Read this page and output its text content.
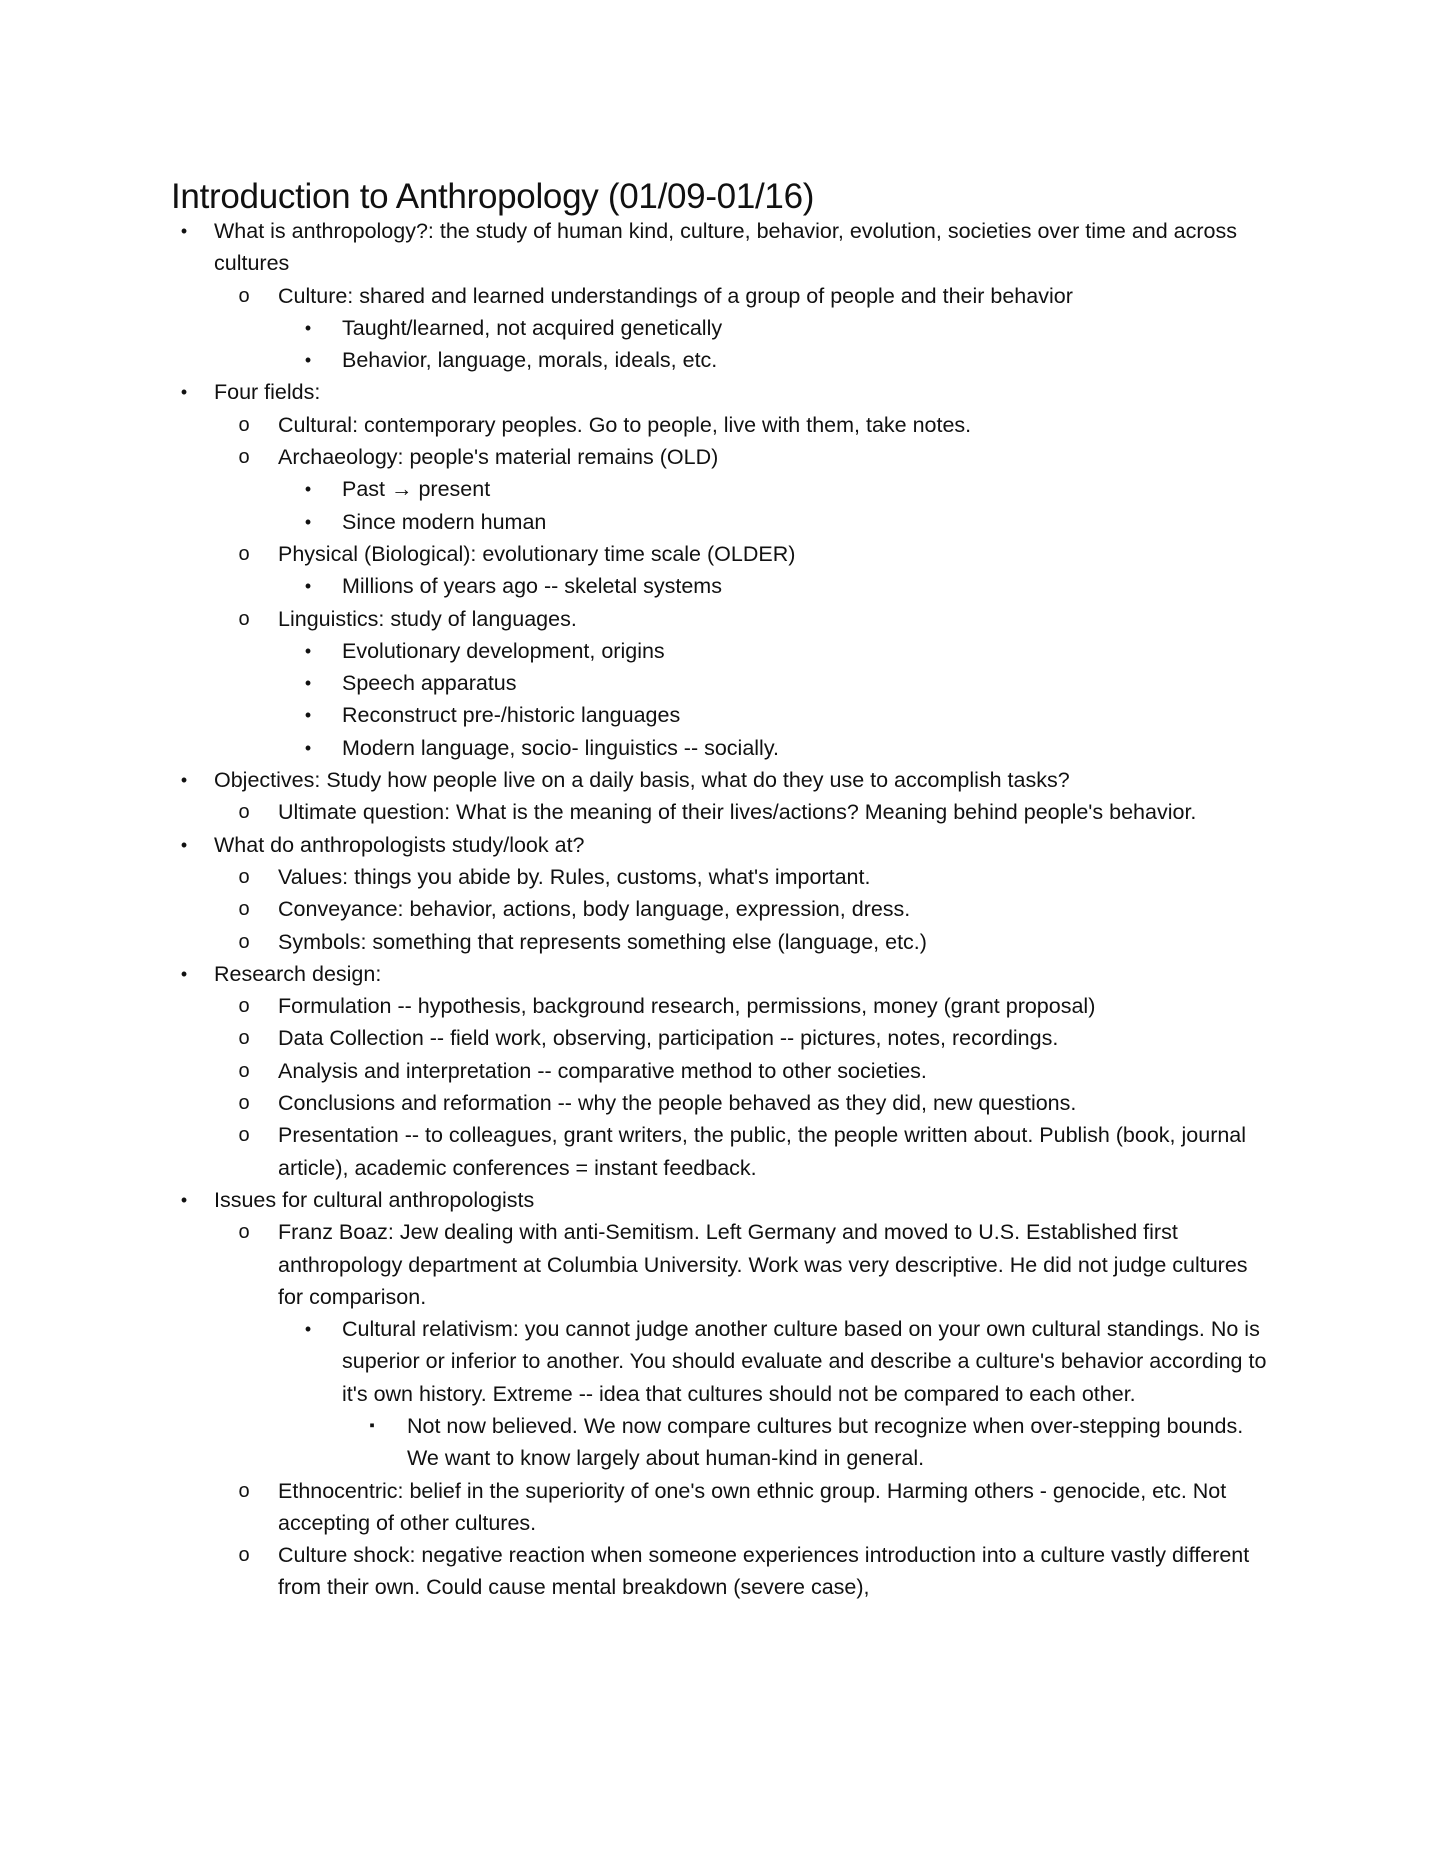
Introduction to Anthropology (01/09-01/16)
•	What is anthropology?: the study of human kind, culture, behavior, evolution, societies over time and across cultures
o Culture: shared and learned understandings of a group of people and their behavior
•	Taught/learned, not acquired genetically
•	Behavior, language, morals, ideals, etc.
•	Four fields:
o Cultural: contemporary peoples. Go to people, live with them, take notes.
o Archaeology: people's material remains (OLD)
•	Past → present
•	Since modern human
o Physical (Biological): evolutionary time scale (OLDER)
•	Millions of years ago -- skeletal systems
o Linguistics: study of languages.
•	Evolutionary development, origins
•	Speech apparatus
•	Reconstruct pre-/historic languages
•	Modern language, socio- linguistics -- socially.
•	Objectives: Study how people live on a daily basis, what do they use to accomplish tasks?
o Ultimate question: What is the meaning of their lives/actions? Meaning behind people's behavior.
•	What do anthropologists study/look at?
o Values: things you abide by. Rules, customs, what's important.
o Conveyance: behavior, actions, body language, expression, dress.
o Symbols: something that represents something else (language, etc.)
•	Research design:
o Formulation -- hypothesis, background research, permissions, money (grant proposal)
o Data Collection -- field work, observing, participation -- pictures, notes, recordings.
o Analysis and interpretation -- comparative method to other societies.
o Conclusions and reformation -- why the people behaved as they did, new questions.
o Presentation -- to colleagues, grant writers, the public, the people written about. Publish (book, journal article), academic conferences = instant feedback.
•	Issues for cultural anthropologists
o Franz Boaz: Jew dealing with anti-Semitism. Left Germany and moved to U.S. Established first anthropology department at Columbia University. Work was very descriptive. He did not judge cultures for comparison.
•	Cultural relativism: you cannot judge another culture based on your own cultural standings. No is superior or inferior to another. You should evaluate and describe a culture's behavior according to it's own history. Extreme -- idea that cultures should not be compared to each other.
▪	Not now believed. We now compare cultures but recognize when over-stepping bounds. We want to know largely about human-kind in general.
o Ethnocentric: belief in the superiority of one's own ethnic group. Harming others - genocide, etc. Not accepting of other cultures.
o Culture shock: negative reaction when someone experiences introduction into a culture vastly different from their own. Could cause mental breakdown (severe case),
